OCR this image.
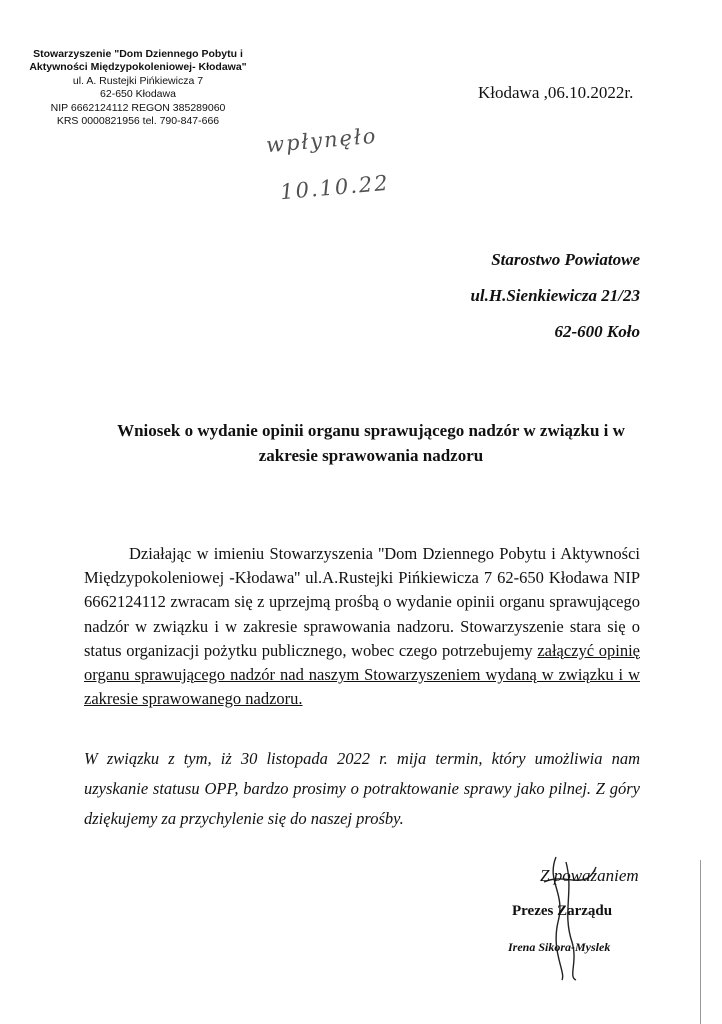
Stowarzyszenie "Dom Dziennego Pobytu i
Aktywności Międzypokoleniowej- Kłodawa"
ul. A. Rustejki Pińkiewicza 7
62-650 Kłodawa
NIP 6662124112 REGON 385289060
KRS 0000821956 tel. 790-847-666
Kłodawa ,06.10.2022r.
wpłynęło
10.10.22
Starostwo Powiatowe
ul.H.Sienkiewicza 21/23
62-600 Koło
Wniosek o wydanie opinii organu sprawującego nadzór w związku i w
zakresie sprawowania nadzoru
Działając w imieniu Stowarzyszenia ''Dom Dziennego Pobytu i Aktywności Międzypokoleniowej -Kłodawa'' ul.A.Rustejki Pińkiewicza 7 62-650 Kłodawa NIP 6662124112 zwracam się z uprzejmą prośbą o wydanie opinii organu sprawującego nadzór w związku i w zakresie sprawowania nadzoru. Stowarzyszenie stara się o status organizacji pożytku publicznego, wobec czego potrzebujemy załączyć opinię organu sprawującego nadzór nad naszym Stowarzyszeniem wydaną w związku i w zakresie sprawowanego nadzoru.
W związku z tym, iż 30 listopada 2022 r. mija termin, który umożliwia nam uzyskanie statusu OPP, bardzo prosimy o potraktowanie sprawy jako pilnej. Z góry dziękujemy za przychylenie się do naszej prośby.
Z poważaniem
Prezes Zarządu
Irena Sikora-Myslek
